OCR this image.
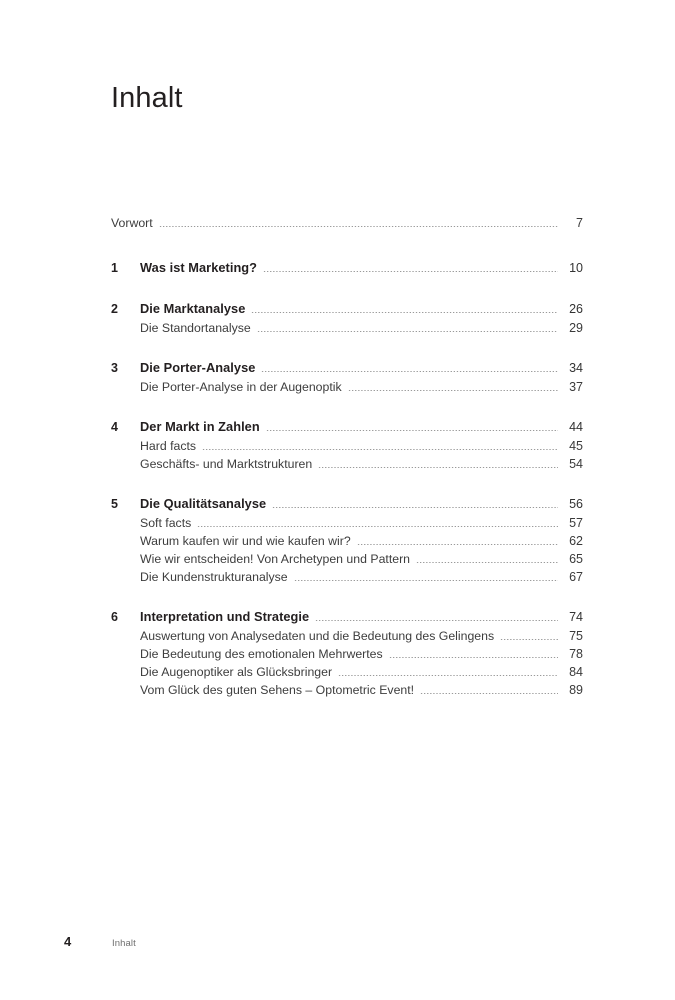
Inhalt
Vorwort	7
1	Was ist Marketing?	10
2	Die Marktanalyse	26
Die Standortanalyse	29
3	Die Porter-Analyse	34
Die Porter-Analyse in der Augenoptik	37
4	Der Markt in Zahlen	44
Hard facts	45
Geschäfts- und Marktstrukturen	54
5	Die Qualitätsanalyse	56
Soft facts	57
Warum kaufen wir und wie kaufen wir?	62
Wie wir entscheiden! Von Archetypen und Pattern	65
Die Kundenstrukturanalyse	67
6	Interpretation und Strategie	74
Auswertung von Analysedaten und die Bedeutung des Gelingens	75
Die Bedeutung des emotionalen Mehrwertes	78
Die Augenoptiker als Glücksbringer	84
Vom Glück des guten Sehens – Optometric Event!	89
4	Inhalt
